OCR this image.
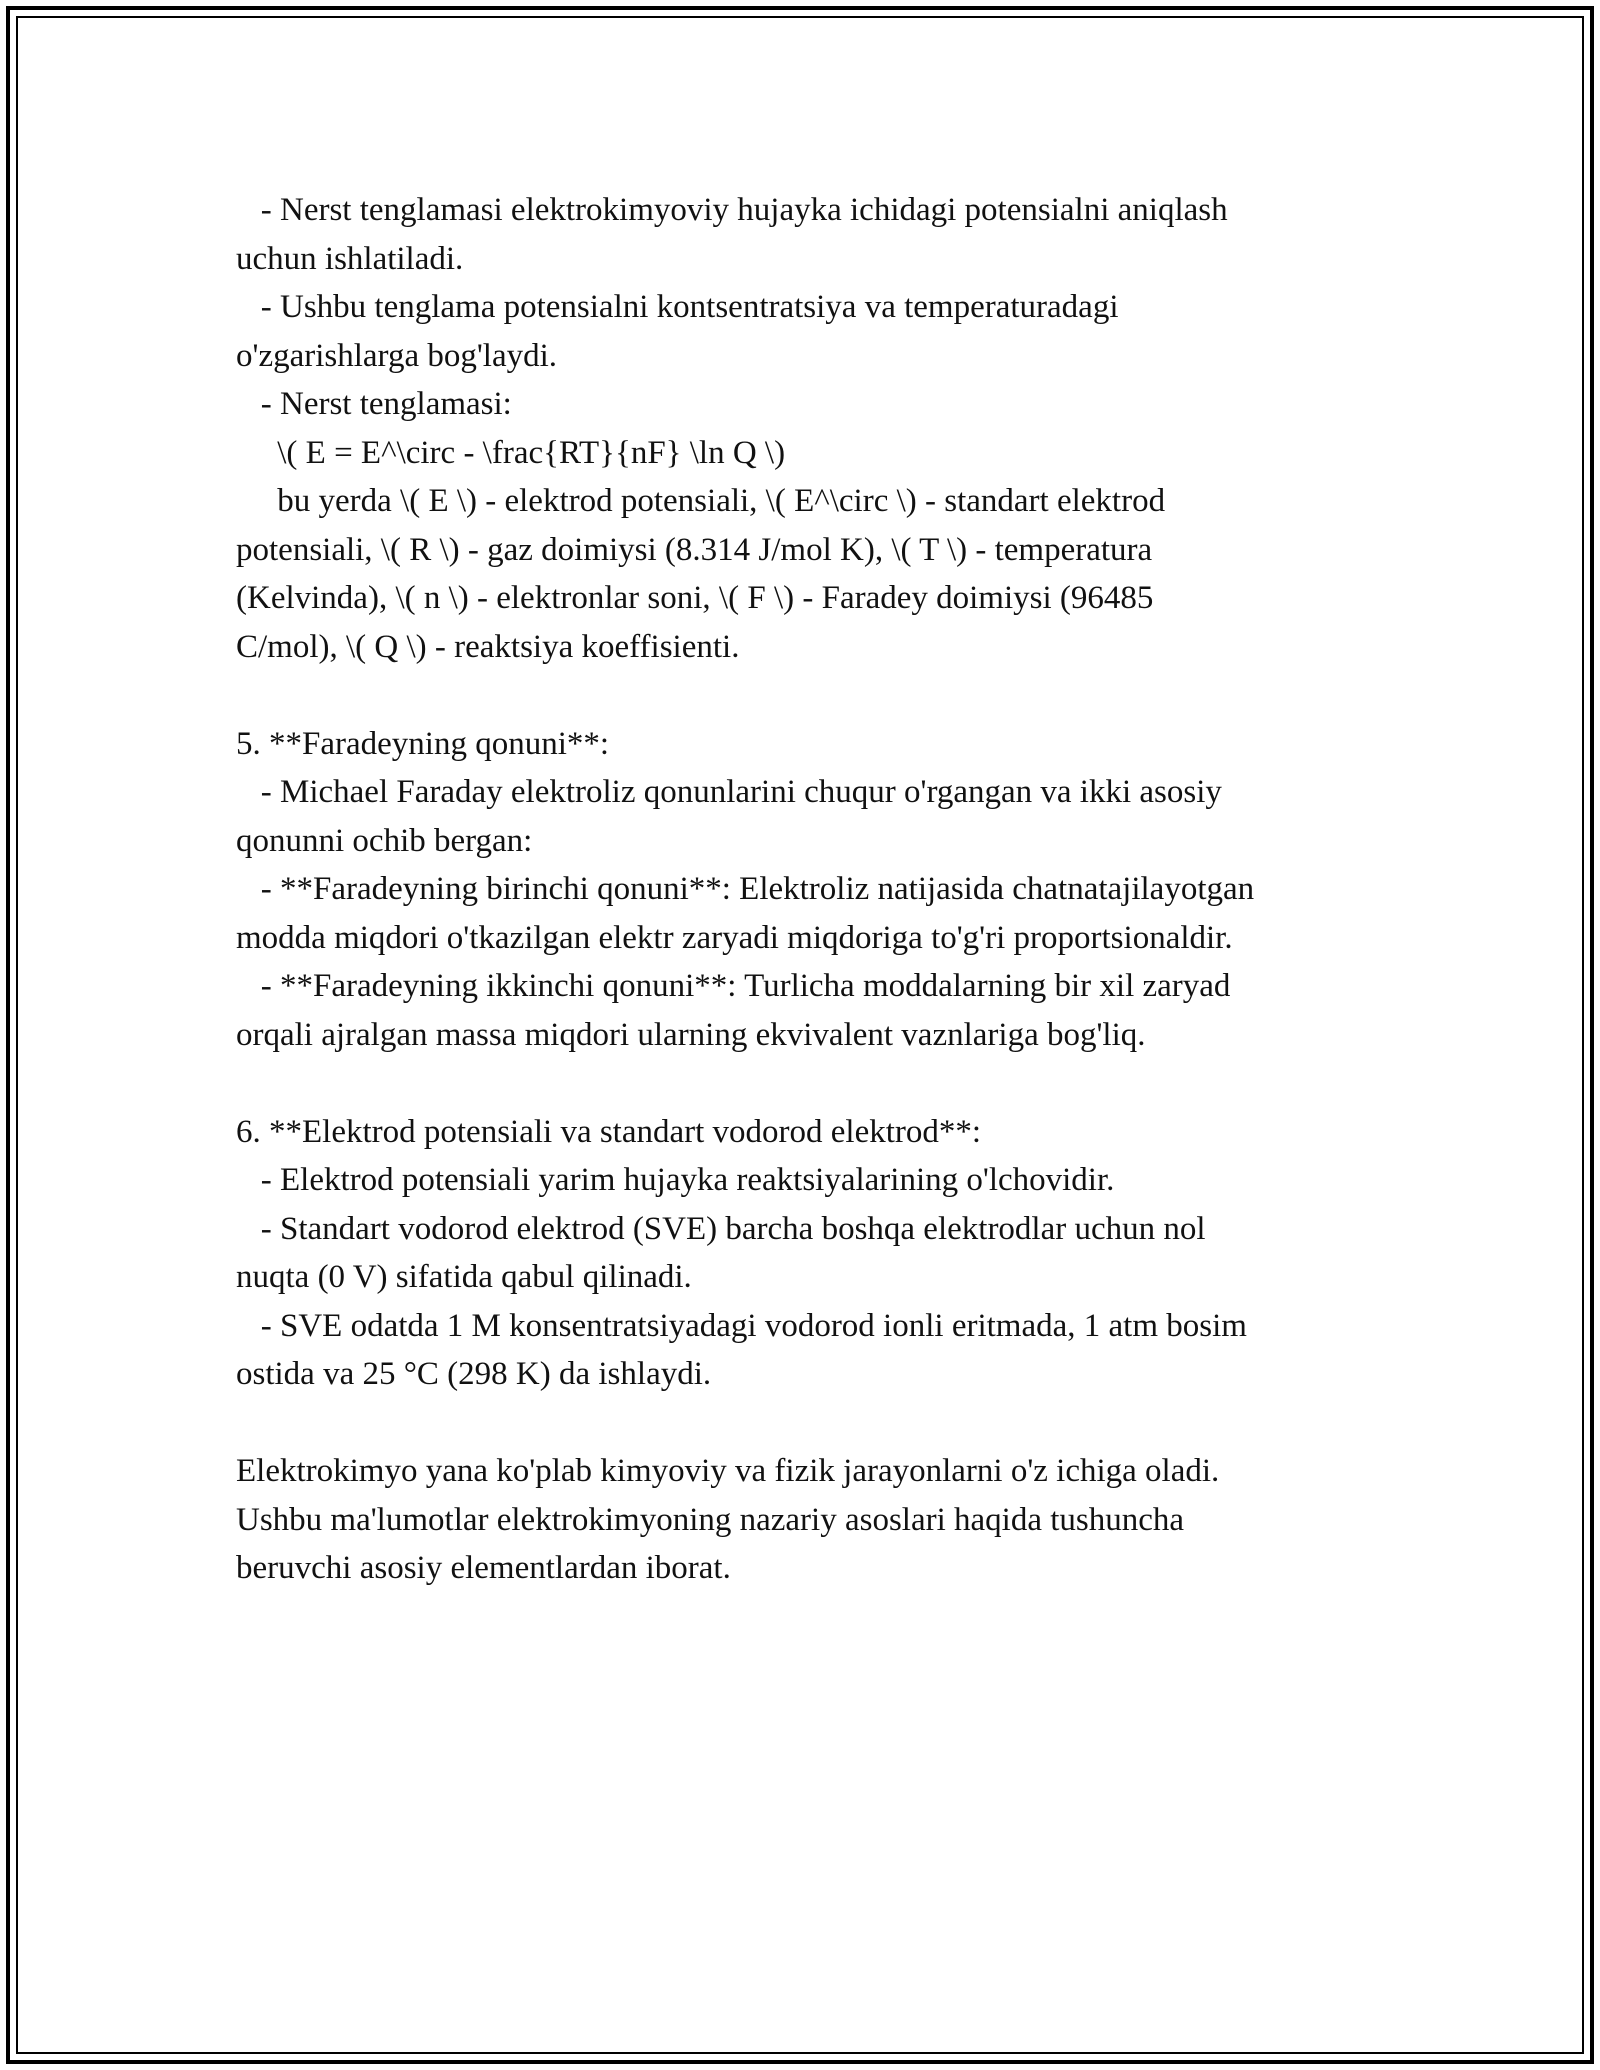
- Nerst tenglamasi elektrokimyoviy hujayka ichidagi potensialni aniqlash
uchun ishlatiladi.
- Ushbu tenglama potensialni kontsentratsiya va temperaturadagi
o'zgarishlarga bog'laydi.
- Nerst tenglamasi:
\( E = E^\circ - \frac{RT}{nF} \ln Q \)
bu yerda \( E \) - elektrod potensiali, \( E^\circ \) - standart elektrod
potensiali, \( R \) - gaz doimiysi (8.314 J/mol K), \( T \) - temperatura
(Kelvinda), \( n \) - elektronlar soni, \( F \) - Faradey doimiysi (96485
C/mol), \( Q \) - reaktsiya koeffisienti.
5. **Faradeyning qonuni**:
- Michael Faraday elektroliz qonunlarini chuqur o'rgangan va ikki asosiy
qonunni ochib bergan:
- **Faradeyning birinchi qonuni**: Elektroliz natijasida chatnatajilayotgan
modda miqdori o'tkazilgan elektr zaryadi miqdoriga to'g'ri proportsionaldir.
- **Faradeyning ikkinchi qonuni**: Turlicha moddalarning bir xil zaryad
orqali ajralgan massa miqdori ularning ekvivalent vaznlariga bog'liq.
6. **Elektrod potensiali va standart vodorod elektrod**:
- Elektrod potensiali yarim hujayka reaktsiyalarining o'lchovidir.
- Standart vodorod elektrod (SVE) barcha boshqa elektrodlar uchun nol
nuqta (0 V) sifatida qabul qilinadi.
- SVE odatda 1 M konsentratsiyadagi vodorod ionli eritmada, 1 atm bosim
ostida va 25 °C (298 K) da ishlaydi.
Elektrokimyo yana ko'plab kimyoviy va fizik jarayonlarni o'z ichiga oladi.
Ushbu ma'lumotlar elektrokimyoning nazariy asoslari haqida tushuncha
beruvchi asosiy elementlardan iborat.
